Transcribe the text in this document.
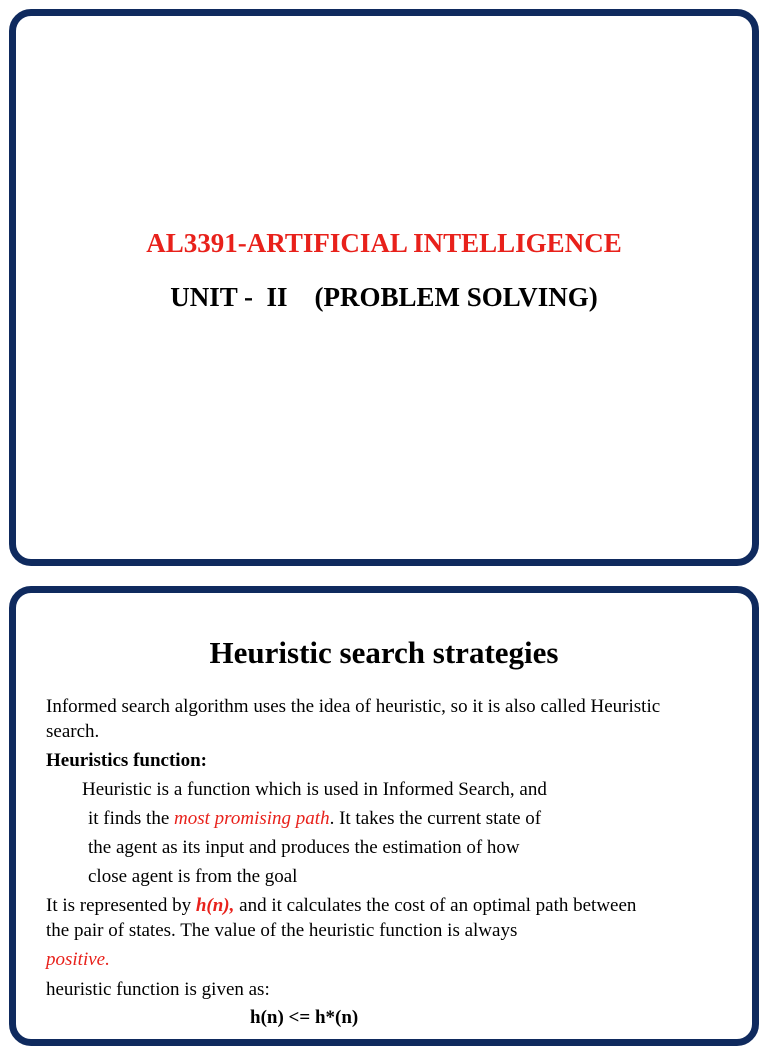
AL3391-ARTIFICIAL INTELLIGENCE
UNIT -  II    (PROBLEM SOLVING)
Heuristic search strategies
Informed search algorithm uses the idea of heuristic, so it is also called Heuristic
search.
Heuristics function:
Heuristic is a function which is used in Informed Search, and
it finds the most promising path. It takes the current state of
the agent as its input and produces the estimation of how
close agent is from the goal
It is represented by h(n), and it calculates the cost of an optimal path between
the pair of states. The value of the heuristic function is always
positive.
heuristic function is given as:
h(n) <= h*(n)
